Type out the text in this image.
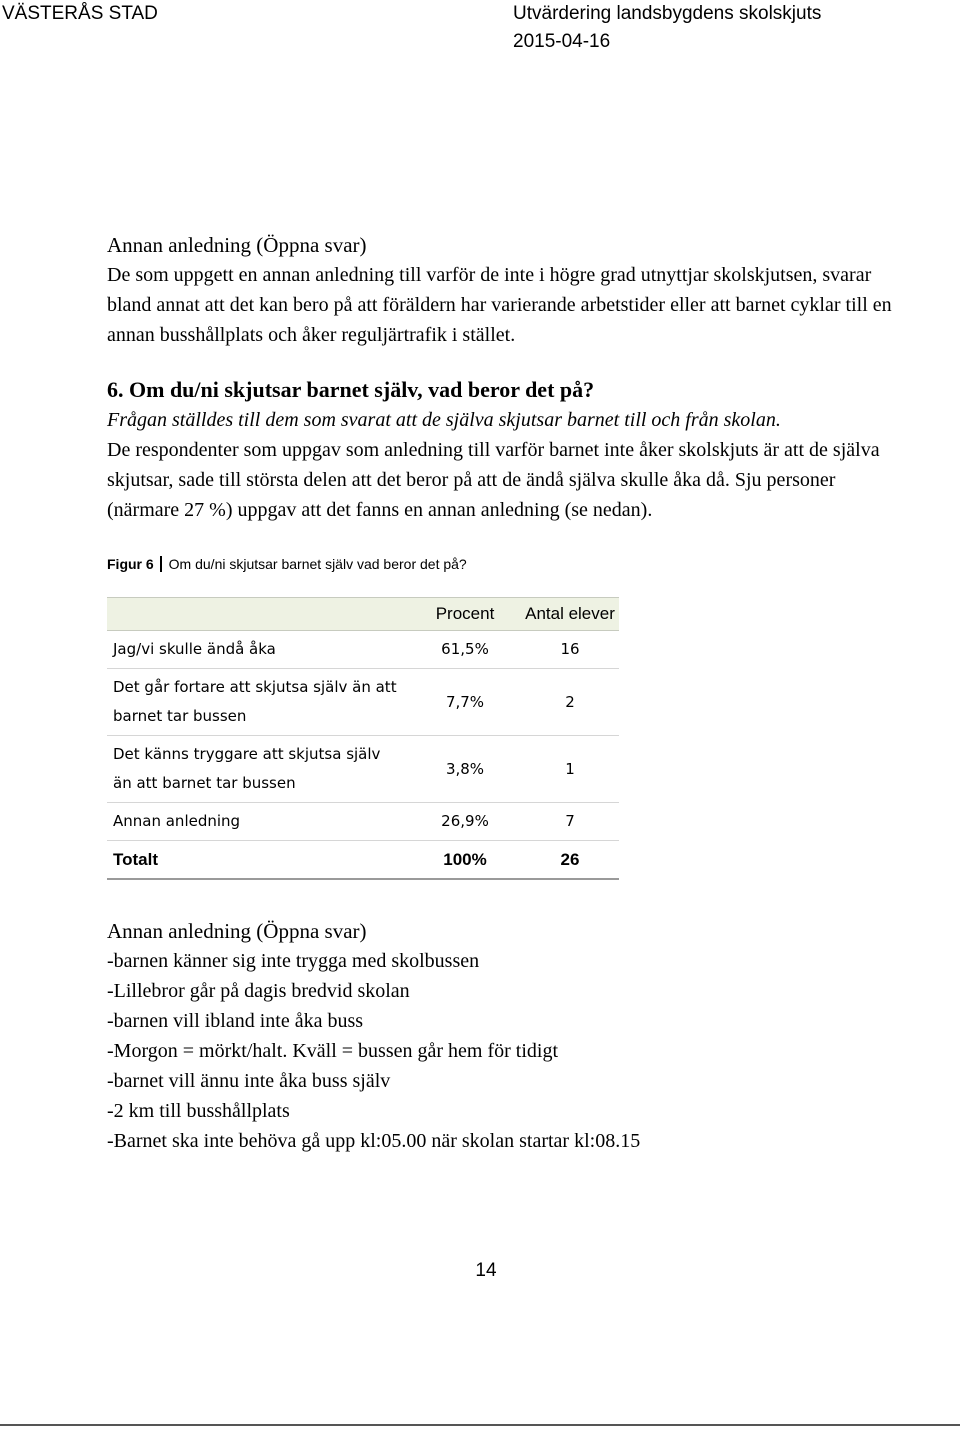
VÄSTERÅS STAD	Utvärdering landsbygdens skolskjuts
2015-04-16
Annan anledning (Öppna svar)

De som uppgett en annan anledning till varför de inte i högre grad utnyttjar skolskjutsen, svarar bland annat att det kan bero på att föräldern har varierande arbetstider eller att barnet cyklar till en annan busshållplats och åker reguljärtrafik i stället.

6. Om du/ni skjutsar barnet själv, vad beror det på?

Frågan ställdes till dem som svarat att de själva skjutsar barnet till och från skolan.

De respondenter som uppgav som anledning till varför barnet inte åker skolskjuts är att de själva skjutsar, sade till största delen att det beror på att de ändå själva skulle åka då. Sju personer (närmare 27 %) uppgav att det fanns en annan anledning (se nedan).

Figur 6 Om du/ni skjutsar barnet själv vad beror det på?
	Procent	Antal elever
Jag/vi skulle ändå åka	61,5%	16
Det går fortare att skjutsa själv än att barnet tar bussen	7,7%	2
Det känns tryggare att skjutsa själv än att barnet tar bussen	3,8%	1
Annan anledning	26,9%	7
Totalt	100%	26
Annan anledning (Öppna svar)

-barnen känner sig inte trygga med skolbussen

-Lillebror går på dagis bredvid skolan

-barnen vill ibland inte åka buss

-Morgon = mörkt/halt. Kväll = bussen går hem för tidigt

-barnet vill ännu inte åka buss själv

-2 km till busshållplats

-Barnet ska inte behöva gå upp kl:05.00 när skolan startar kl:08.15

14
